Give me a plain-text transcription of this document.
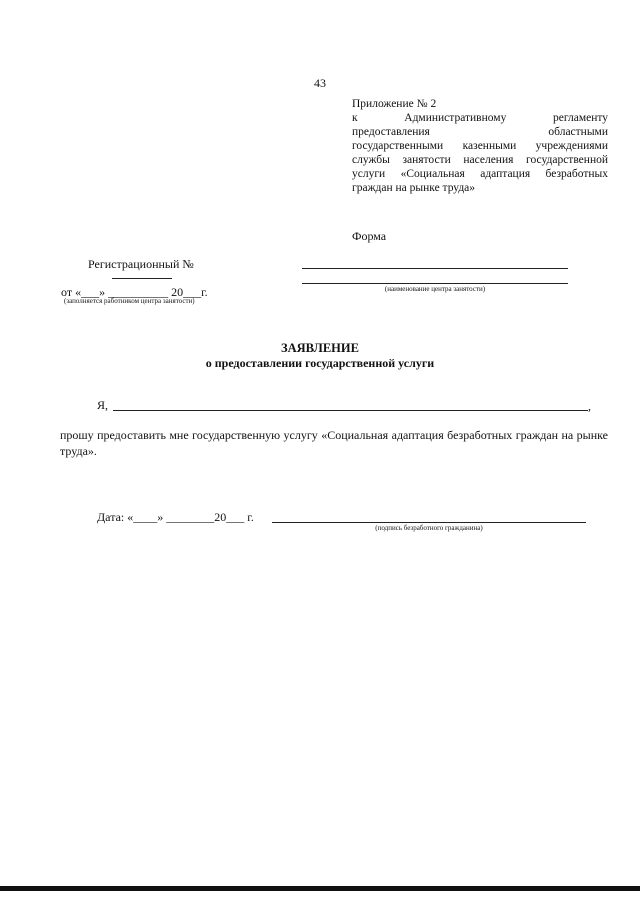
43
Приложение № 2
к Административному регламенту
предоставления областными
государственными казенными учреждениями
службы занятости населения государственной
услуги «Социальная адаптация безработных
граждан на рынке труда»
Форма
Регистрационный №
от «___» __________ 20___г.
(заполняется работником центра занятости)
(наименование центра занятости)
ЗАЯВЛЕНИЕ
о предоставлении государственной услуги
Я,	,
прошу предоставить мне государственную услугу «Социальная адаптация безработных граждан на рынке труда».
Дата: «____» ________20___ г.
(подпись безработного гражданина)
